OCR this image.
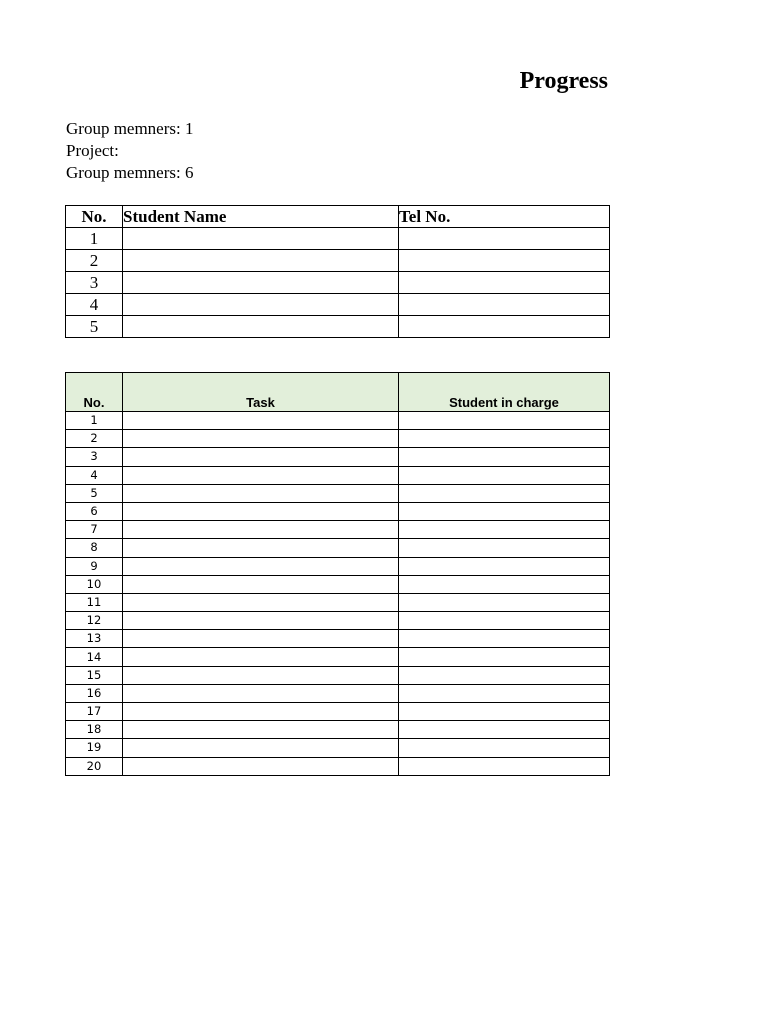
Progress
Group memners: 1
Project:
Group memners: 6
No.	Student Name	Tel No.
1		
2		
3		
4		
5		
No.	Task	Student in charge
1		
2		
3		
4		
5		
6		
7		
8		
9		
10		
11		
12		
13		
14		
15		
16		
17		
18		
19		
20		
